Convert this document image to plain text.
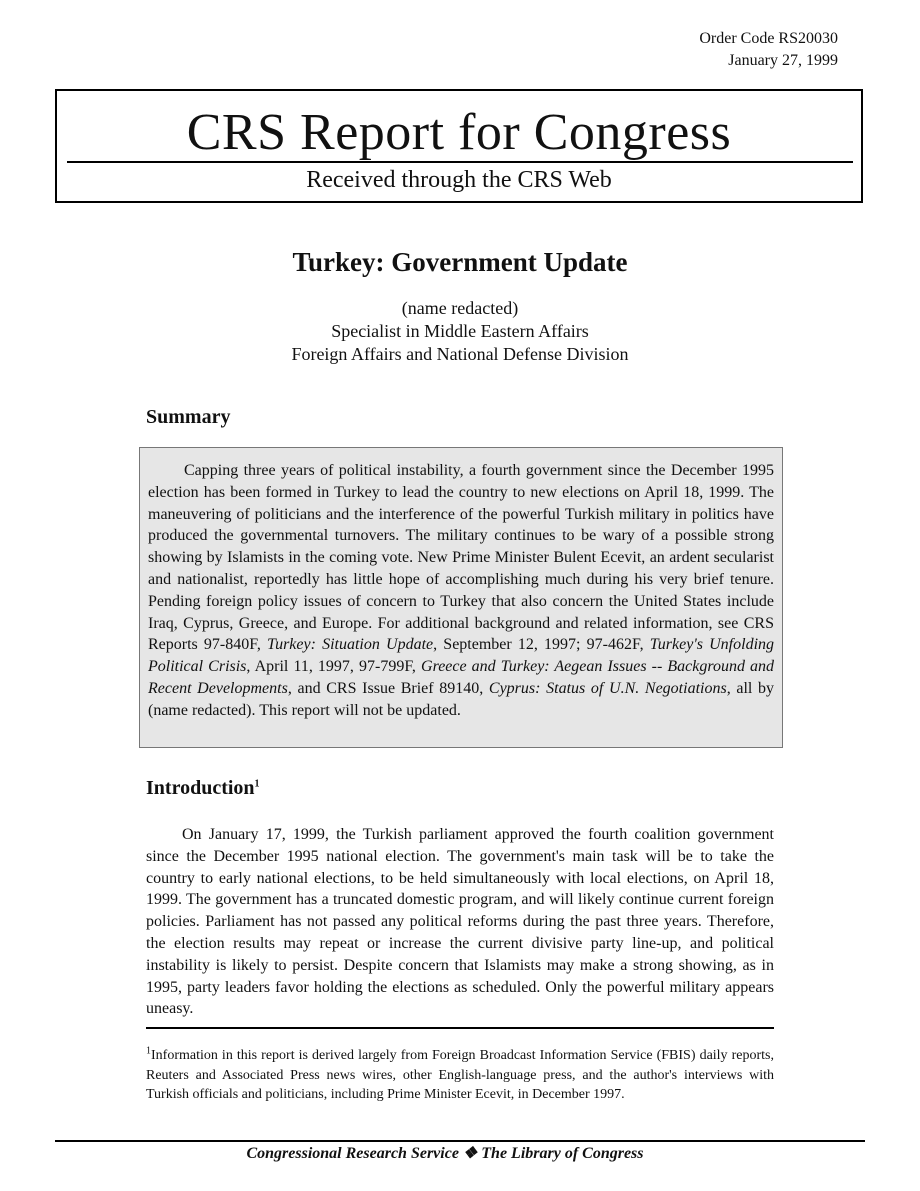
Order Code RS20030
January 27, 1999
CRS Report for Congress
Received through the CRS Web
Turkey: Government Update
(name redacted)
Specialist in Middle Eastern Affairs
Foreign Affairs and National Defense Division
Summary
Capping three years of political instability, a fourth government since the December 1995 election has been formed in Turkey to lead the country to new elections on April 18, 1999. The maneuvering of politicians and the interference of the powerful Turkish military in politics have produced the governmental turnovers. The military continues to be wary of a possible strong showing by Islamists in the coming vote. New Prime Minister Bulent Ecevit, an ardent secularist and nationalist, reportedly has little hope of accomplishing much during his very brief tenure. Pending foreign policy issues of concern to Turkey that also concern the United States include Iraq, Cyprus, Greece, and Europe. For additional background and related information, see CRS Reports 97-840F, Turkey: Situation Update, September 12, 1997; 97-462F, Turkey's Unfolding Political Crisis, April 11, 1997, 97-799F, Greece and Turkey: Aegean Issues -- Background and Recent Developments, and CRS Issue Brief 89140, Cyprus: Status of U.N. Negotiations, all by (name redacted). This report will not be updated.
Introduction$^1$
On January 17, 1999, the Turkish parliament approved the fourth coalition government since the December 1995 national election. The government's main task will be to take the country to early national elections, to be held simultaneously with local elections, on April 18, 1999. The government has a truncated domestic program, and will likely continue current foreign policies. Parliament has not passed any political reforms during the past three years. Therefore, the election results may repeat or increase the current divisive party line-up, and political instability is likely to persist. Despite concern that Islamists may make a strong showing, as in 1995, party leaders favor holding the elections as scheduled. Only the powerful military appears uneasy.
$^1$Information in this report is derived largely from Foreign Broadcast Information Service (FBIS) daily reports, Reuters and Associated Press news wires, other English-language press, and the author's interviews with Turkish officials and politicians, including Prime Minister Ecevit, in December 1997.
Congressional Research Service ❖ The Library of Congress
